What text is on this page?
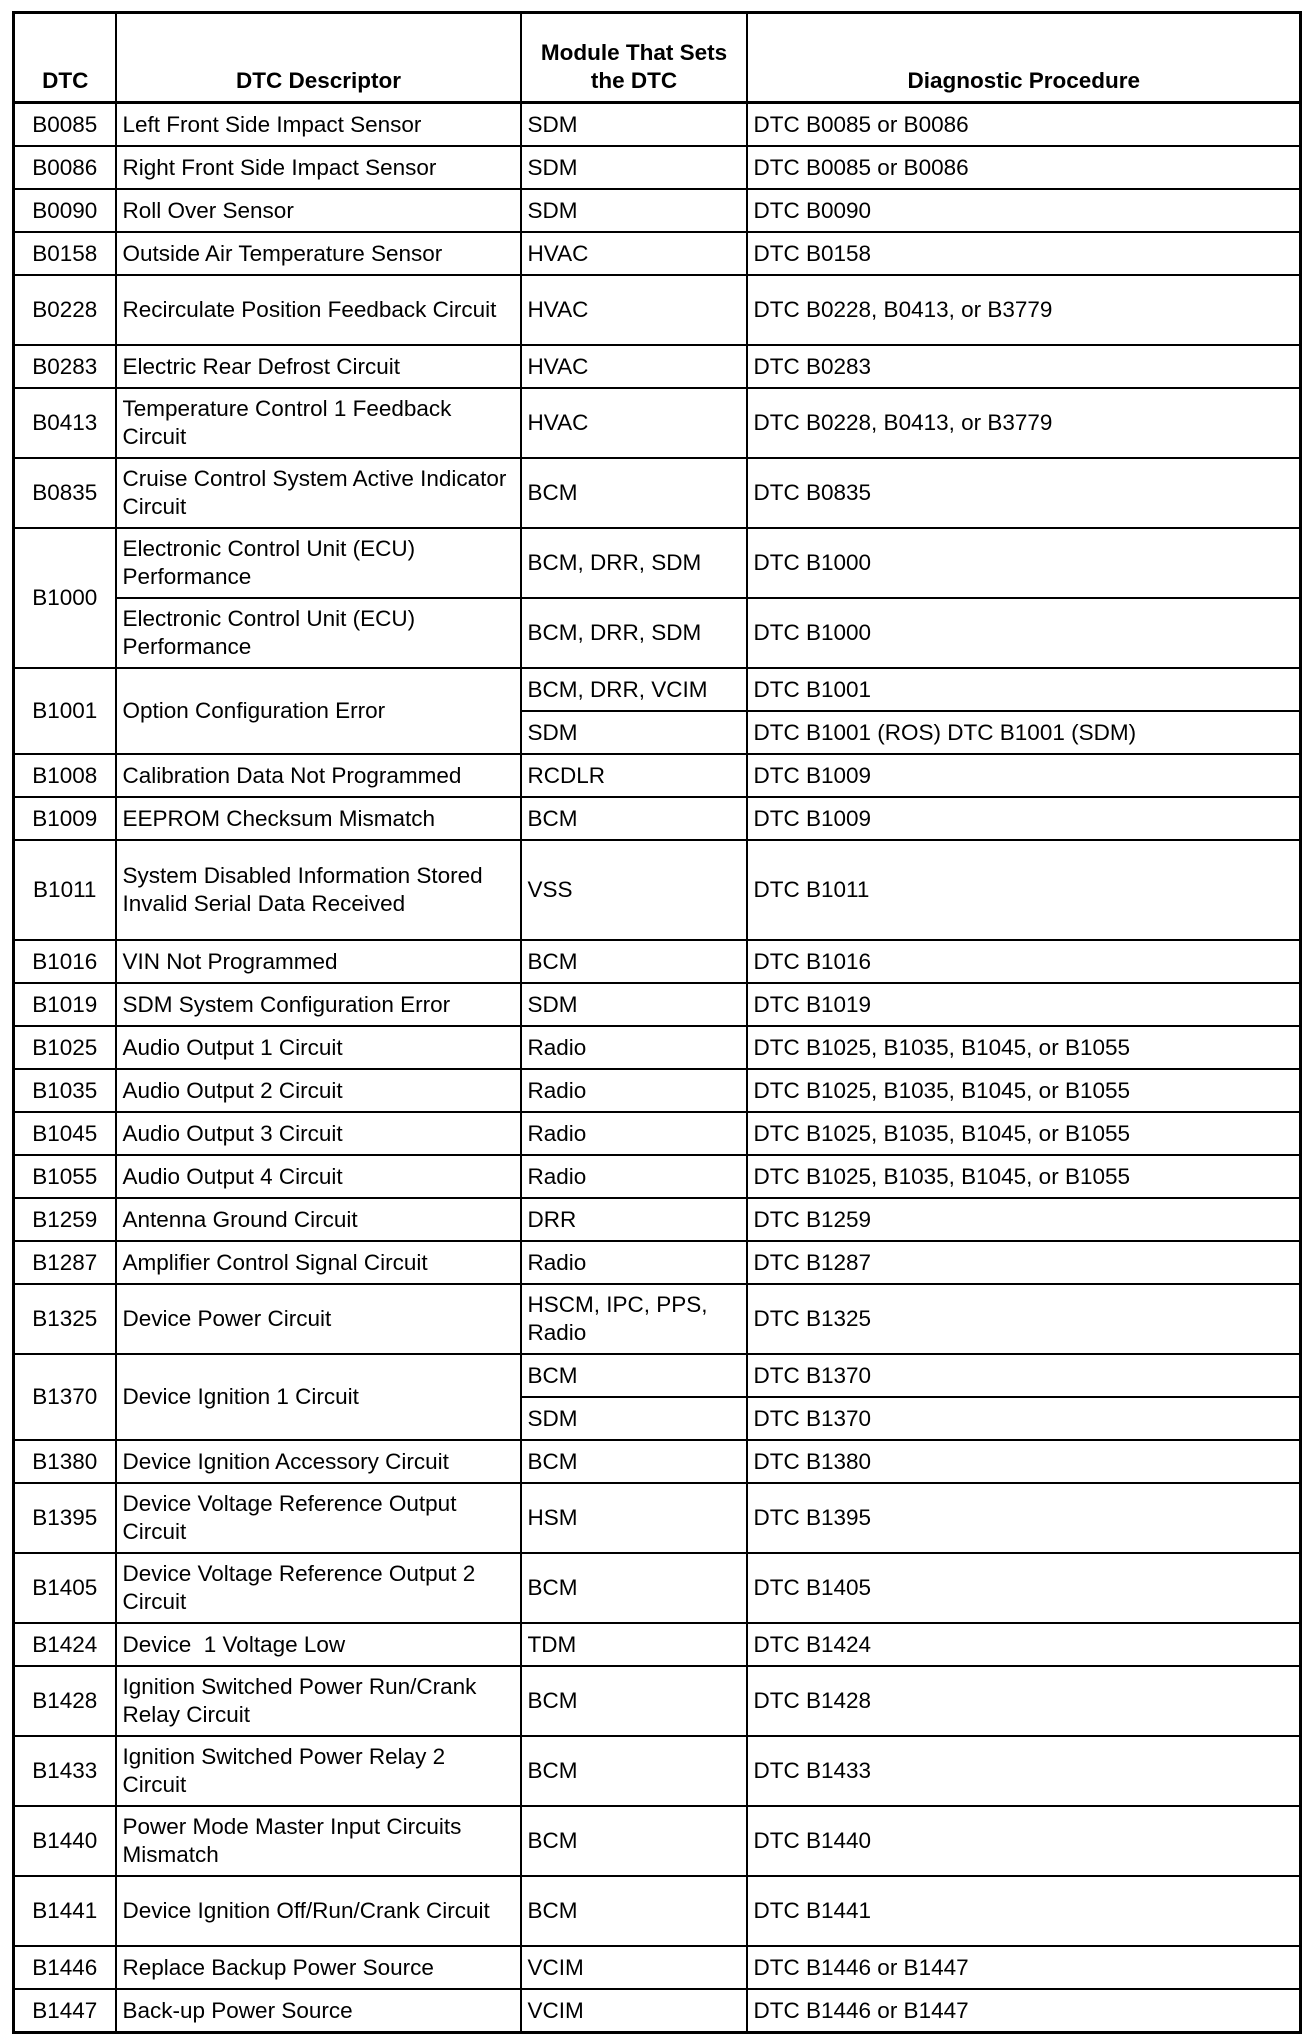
DTC	DTC Descriptor	Module That Sets the DTC	Diagnostic Procedure
B0085	Left Front Side Impact Sensor	SDM	DTC B0085 or B0086
B0086	Right Front Side Impact Sensor	SDM	DTC B0085 or B0086
B0090	Roll Over Sensor	SDM	DTC B0090
B0158	Outside Air Temperature Sensor	HVAC	DTC B0158
B0228	Recirculate Position Feedback Circuit	HVAC	DTC B0228, B0413, or B3779
B0283	Electric Rear Defrost Circuit	HVAC	DTC B0283
B0413	Temperature Control 1 Feedback Circuit	HVAC	DTC B0228, B0413, or B3779
B0835	Cruise Control System Active Indicator Circuit	BCM	DTC B0835
B1000	Electronic Control Unit (ECU) Performance	BCM, DRR, SDM	DTC B1000
	Electronic Control Unit (ECU) Performance	BCM, DRR, SDM	DTC B1000
B1001	Option Configuration Error	BCM, DRR, VCIM	DTC B1001
		SDM	DTC B1001 (ROS) DTC B1001 (SDM)
B1008	Calibration Data Not Programmed	RCDLR	DTC B1009
B1009	EEPROM Checksum Mismatch	BCM	DTC B1009
B1011	System Disabled Information Stored Invalid Serial Data Received	VSS	DTC B1011
B1016	VIN Not Programmed	BCM	DTC B1016
B1019	SDM System Configuration Error	SDM	DTC B1019
B1025	Audio Output 1 Circuit	Radio	DTC B1025, B1035, B1045, or B1055
B1035	Audio Output 2 Circuit	Radio	DTC B1025, B1035, B1045, or B1055
B1045	Audio Output 3 Circuit	Radio	DTC B1025, B1035, B1045, or B1055
B1055	Audio Output 4 Circuit	Radio	DTC B1025, B1035, B1045, or B1055
B1259	Antenna Ground Circuit	DRR	DTC B1259
B1287	Amplifier Control Signal Circuit	Radio	DTC B1287
B1325	Device Power Circuit	HSCM, IPC, PPS, Radio	DTC B1325
B1370	Device Ignition 1 Circuit	BCM	DTC B1370
		SDM	DTC B1370
B1380	Device Ignition Accessory Circuit	BCM	DTC B1380
B1395	Device Voltage Reference Output Circuit	HSM	DTC B1395
B1405	Device Voltage Reference Output 2 Circuit	BCM	DTC B1405
B1424	Device  1 Voltage Low	TDM	DTC B1424
B1428	Ignition Switched Power Run/Crank Relay Circuit	BCM	DTC B1428
B1433	Ignition Switched Power Relay 2 Circuit	BCM	DTC B1433
B1440	Power Mode Master Input Circuits Mismatch	BCM	DTC B1440
B1441	Device Ignition Off/Run/Crank Circuit	BCM	DTC B1441
B1446	Replace Backup Power Source	VCIM	DTC B1446 or B1447
B1447	Back-up Power Source	VCIM	DTC B1446 or B1447
